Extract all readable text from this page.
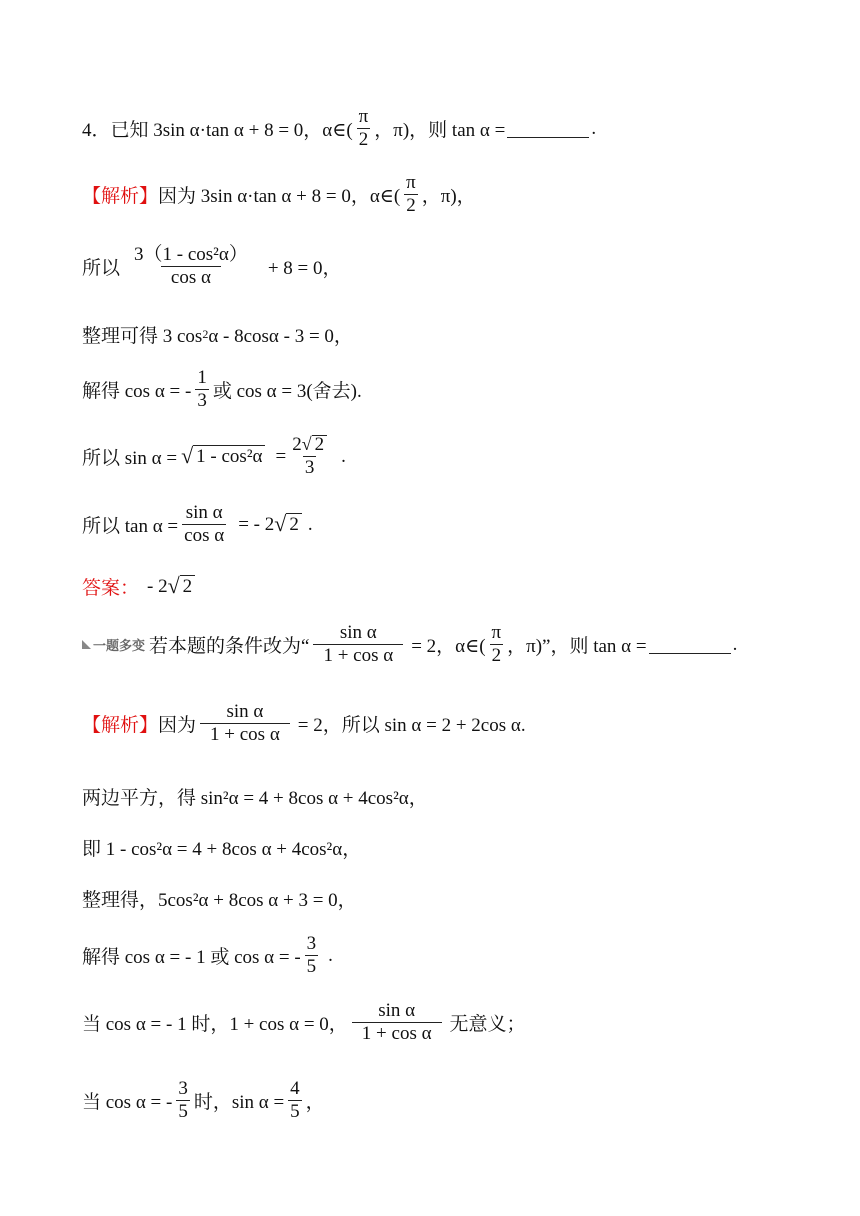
4．已知 3sin α·tan α + 8 = 0，α∈( $\frac{\pi}{2}$ ，π)，则 tan α =	.
【解析】 因为 3sin α·tan α + 8 = 0，α∈( $\frac{\pi}{2}$ ，π)，
所以 $\frac{\text{3（1 - cos²α）}}{\text{cos α}} + 8 = 0$，
整理可得 3 cos 2 α - 8cosα - 3 = 0，
解得 cos α = - $\frac{1}{3}$ 或 cos α = 3(舍去).
所以 sin α = √ $1 - \cos^2\alpha = \frac{2 √ 2}{3}$ .
所以 $\tan \alpha = \frac{\text{sin α}}{\text{cos α}}$ = - 2 √ 2 .
答案： - 2 √ 2
一题多变 若本题的条件改为“ $\frac{\text{sin α}}{\text{1 + cos α}} = 2$，α∈( $\frac{\pi}{2}$ ，π)”，则 tan α =	.
【解析】 因为 $\frac{\text{sin α}}{\text{1 + cos α}} = 2$，所以 sin α = 2 + 2cos α.
两边平方，得 sin²α = 4 + 8cos α + 4cos²α，
即 1 - cos²α = 4 + 8cos α + 4cos²α，
整理得，5cos²α + 8cos α + 3 = 0，
解得 cos α = - 1 或 cos α = - $\frac{3}{5}$ .
当 cos α = - 1 时，1 + cos α = 0， $\frac{\text{sin α}}{\text{1 + cos α}}$ 无意义；
当 cos α = - $\frac{3}{5}$ 时，$\sin \alpha = \frac{4}{5}$ ，
